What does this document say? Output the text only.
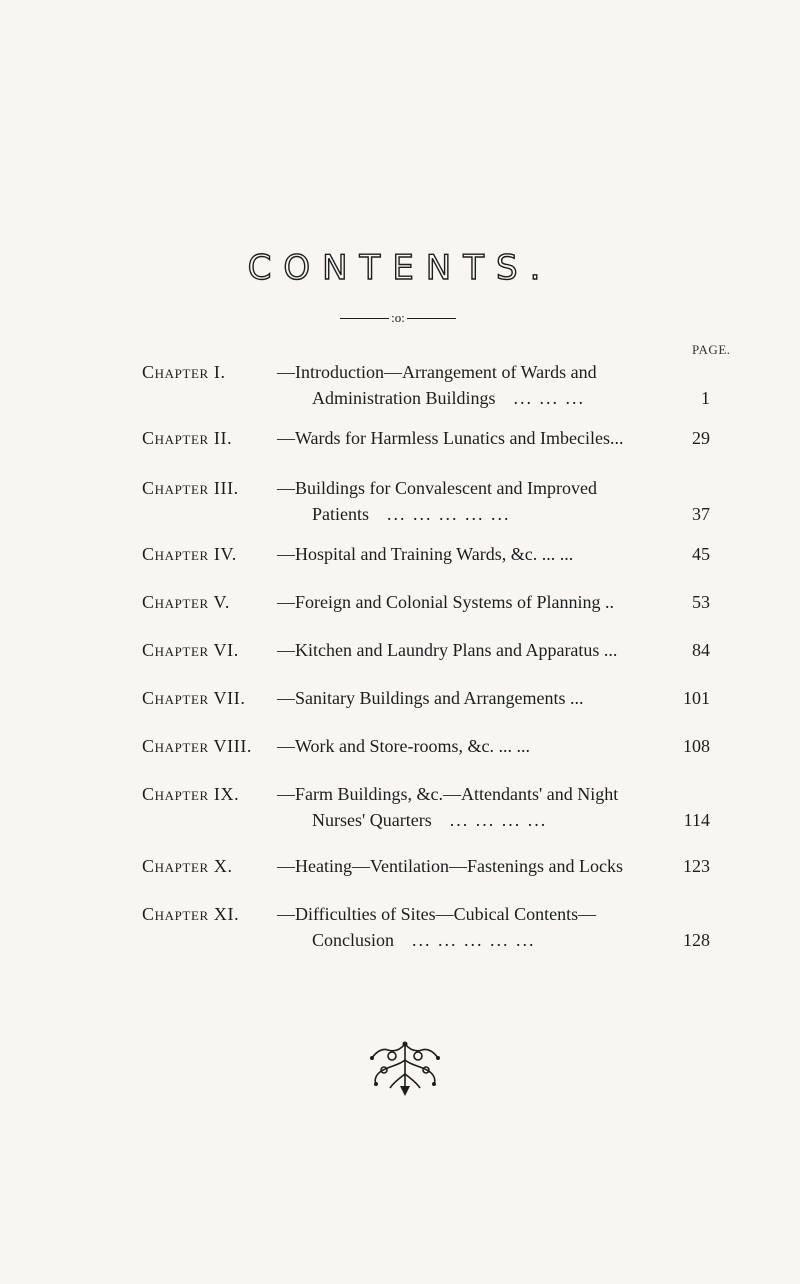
CONTENTS.
:o:
PAGE.
Chapter I.	—Introduction—Arrangement of Wards and
Administration Buildings ... ... ...	1
Chapter II. —Wards for Harmless Lunatics and Imbeciles...	29
Chapter III. —Buildings for Convalescent and Improved
Patients ... ... ... ... ...	37
Chapter IV. —Hospital and Training Wards, &c. ... ...	45
Chapter V.	—Foreign and Colonial Systems of Planning ..	53
Chapter VI. —Kitchen and Laundry Plans and Apparatus ...	84
Chapter VII. —Sanitary Buildings and Arrangements ...	101
Chapter VIII. —Work and Store-rooms, &c. ... ...	108
Chapter IX. —Farm Buildings, &c.—Attendants' and Night
Nurses' Quarters ... ... ... ...	114
Chapter X. —Heating—Ventilation—Fastenings and Locks	123
Chapter XI. —Difficulties of Sites—Cubical Contents—
Conclusion ... ... ... ... ...	128
